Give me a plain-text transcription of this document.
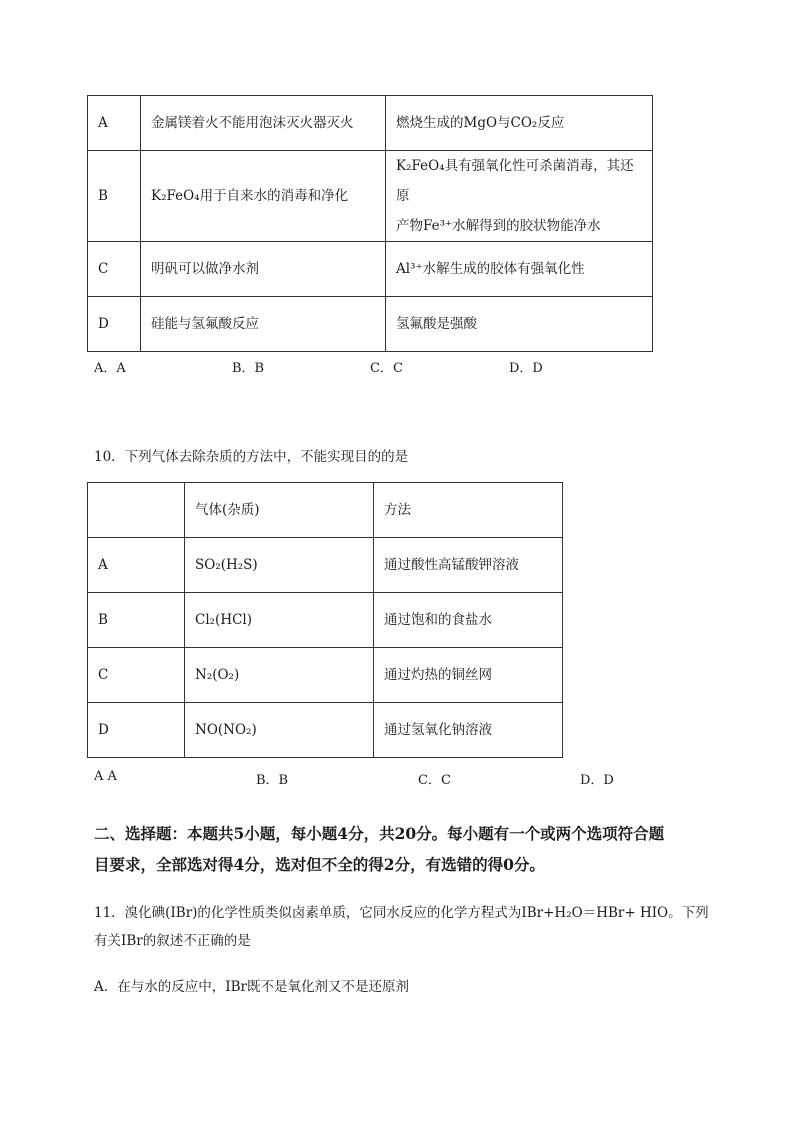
A	金属镁着火不能用泡沫灭火器灭火	燃烧生成的MgO与CO₂反应
B	K₂FeO₄用于自来水的消毒和净化	K₂FeO₄具有强氧化性可杀菌消毒，其还原
产物Fe³⁺水解得到的胶状物能净水

C	明矾可以做净水剂	Al³⁺水解生成的胶体有强氧化性
D	硅能与氢氟酸反应	氢氟酸是强酸
A．A	B．B	C．C	D．D
10．下列气体去除杂质的方法中，不能实现目的的是
	气体(杂质)	方法
A	SO₂(H₂S)	通过酸性高锰酸钾溶液
B	Cl₂(HCl)	通过饱和的食盐水
C	N₂(O₂)	通过灼热的铜丝网
D	NO(NO₂)	通过氢氧化钠溶液
A A	B．B	C．C	D．D
二、选择题：本题共5小题，每小题4分，共20分。每小题有一个或两个选项符合题
目要求，全部选对得4分，选对但不全的得2分，有选错的得0分。
11．溴化碘(IBr)的化学性质类似卤素单质，它同水反应的化学方程式为IBr+H₂O＝HBr+ HIO。下列
有关IBr的叙述不正确的是
A．在与水的反应中，IBr既不是氧化剂又不是还原剂
